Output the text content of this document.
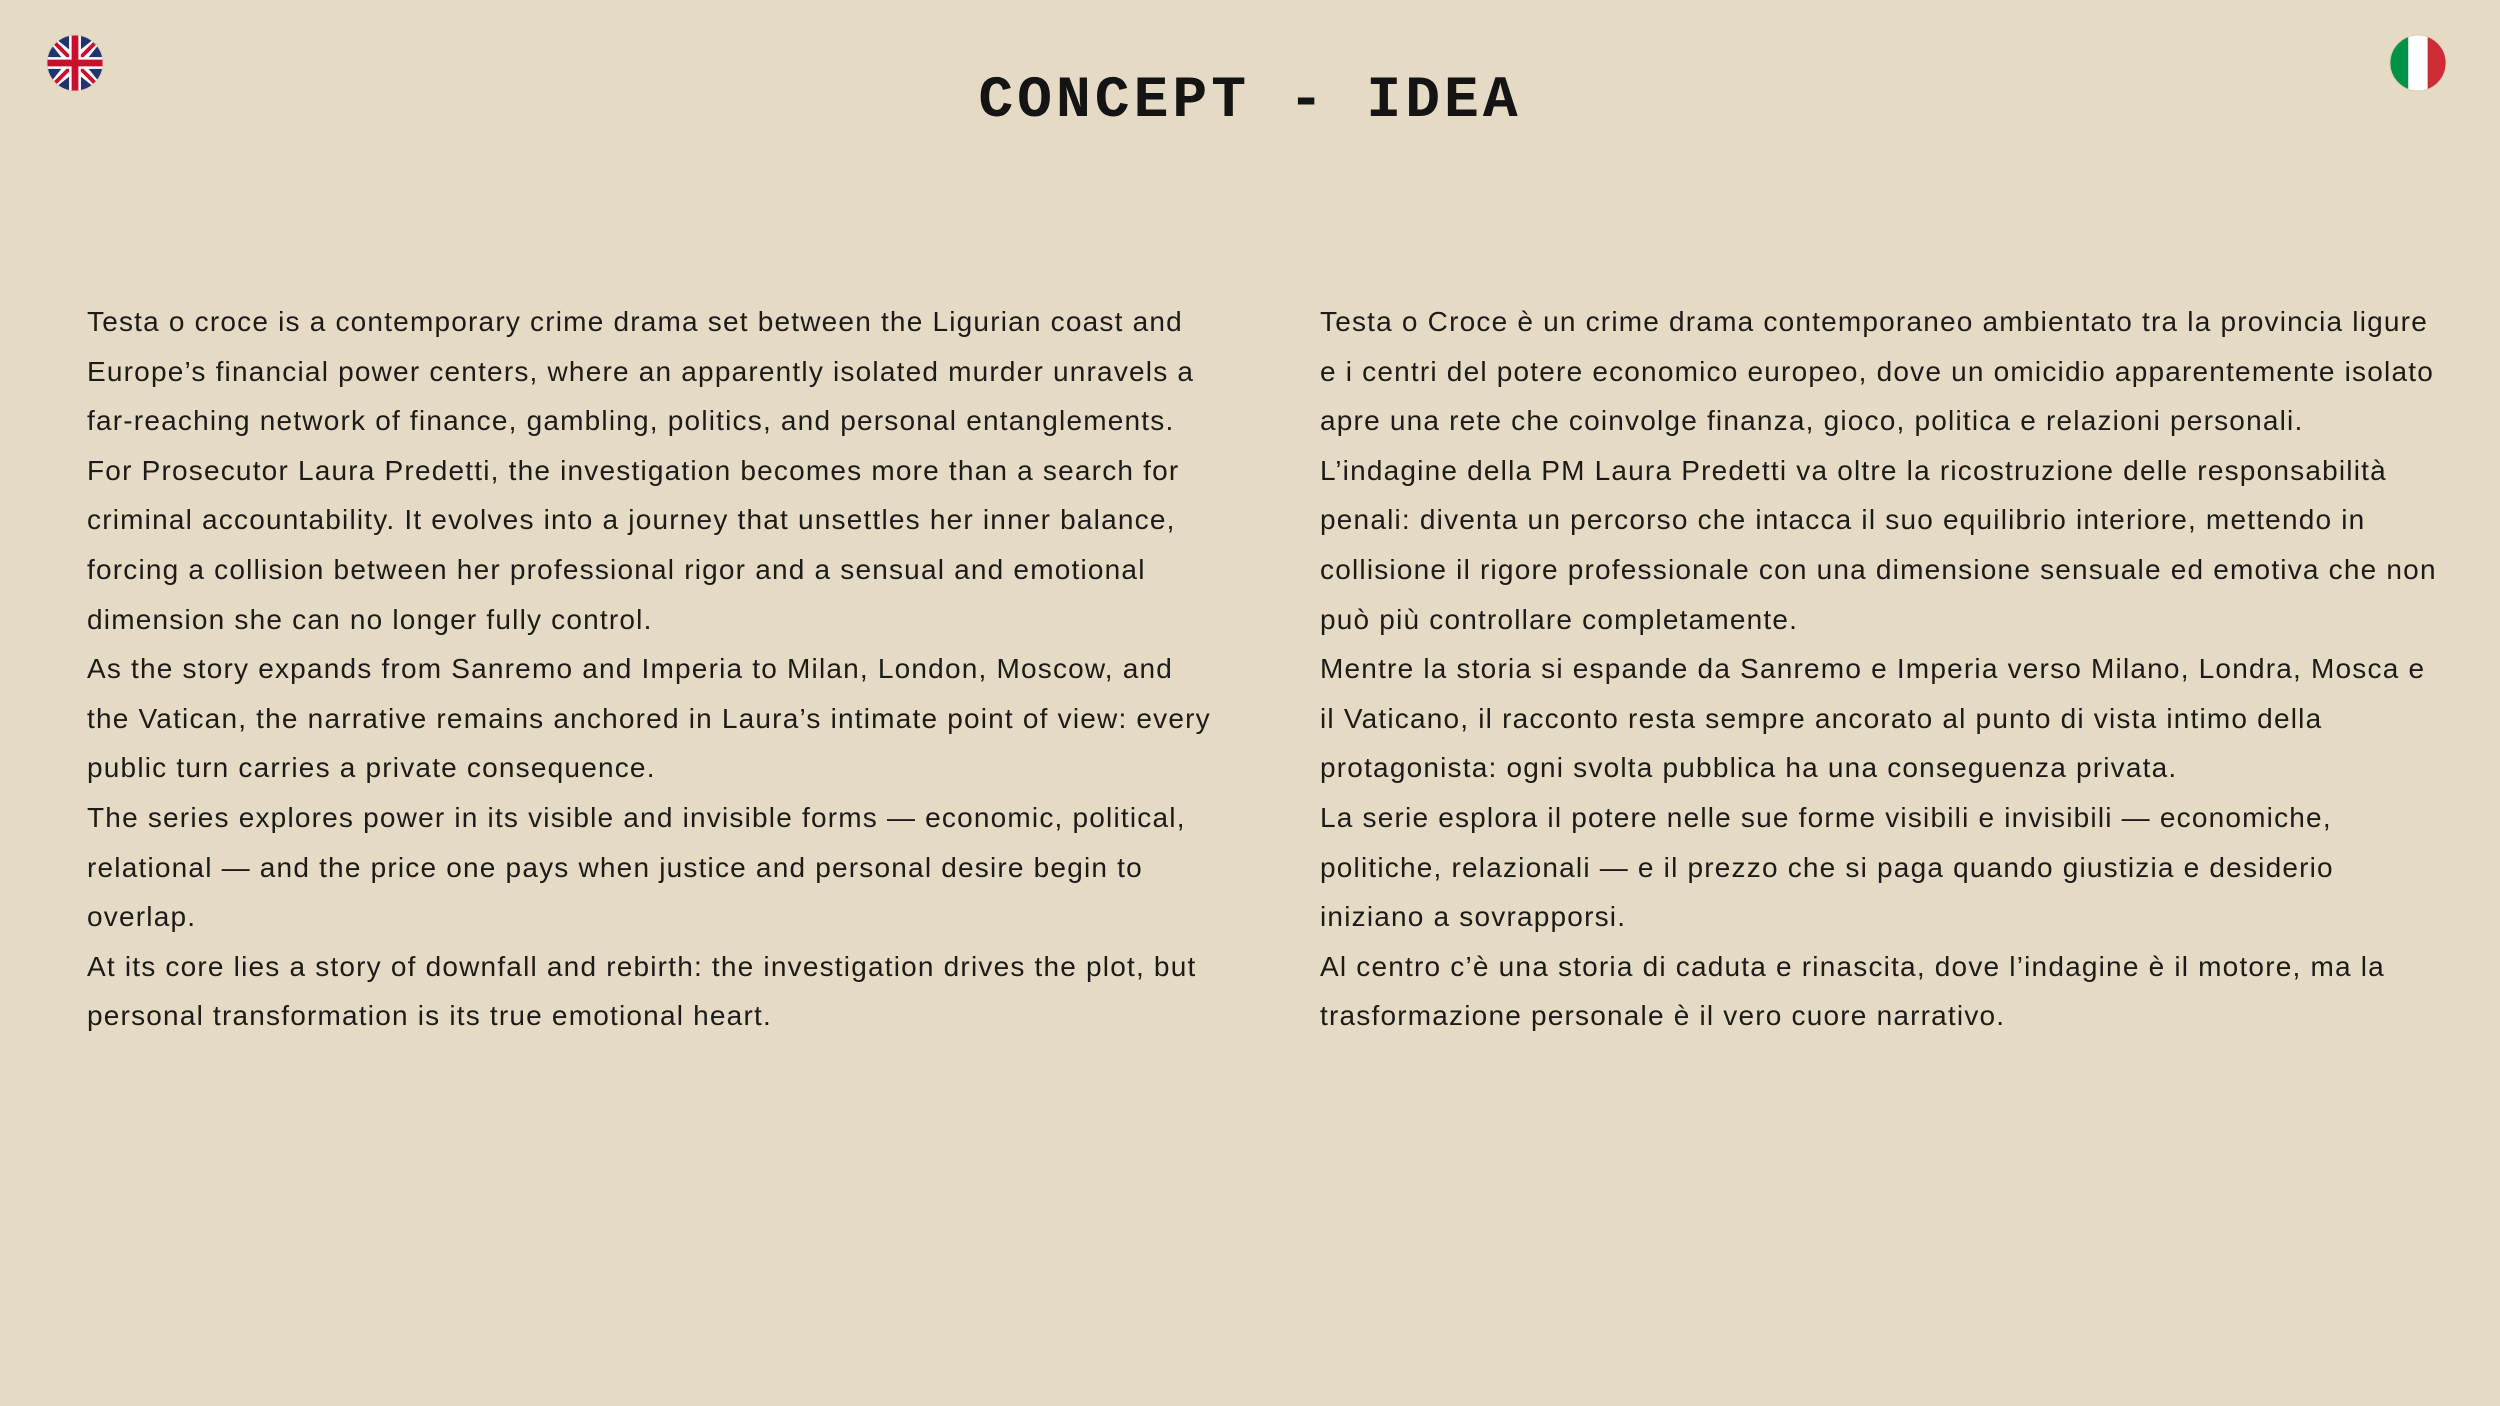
CONCEPT - IDEA

Testa o croce is a contemporary crime drama set between the Ligurian coast and Europe’s financial power centers, where an apparently isolated murder unravels a far-reaching network of finance, gambling, politics, and personal entanglements.

For Prosecutor Laura Predetti, the investigation becomes more than a search for criminal accountability. It evolves into a journey that unsettles her inner balance, forcing a collision between her professional rigor and a sensual and emotional dimension she can no longer fully control.

As the story expands from Sanremo and Imperia to Milan, London, Moscow, and the Vatican, the narrative remains anchored in Laura’s intimate point of view: every public turn carries a private consequence.

The series explores power in its visible and invisible forms — economic, political, relational — and the price one pays when justice and personal desire begin to overlap.

At its core lies a story of downfall and rebirth: the investigation drives the plot, but personal transformation is its true emotional heart.

Testa o Croce è un crime drama contemporaneo ambientato tra la provincia ligure e i centri del potere economico europeo, dove un omicidio apparentemente isolato apre una rete che coinvolge finanza, gioco, politica e relazioni personali.

L’indagine della PM Laura Predetti va oltre la ricostruzione delle responsabilità penali: diventa un percorso che intacca il suo equilibrio interiore, mettendo in collisione il rigore professionale con una dimensione sensuale ed emotiva che non può più controllare completamente.

Mentre la storia si espande da Sanremo e Imperia verso Milano, Londra, Mosca e il Vaticano, il racconto resta sempre ancorato al punto di vista intimo della protagonista: ogni svolta pubblica ha una conseguenza privata.

La serie esplora il potere nelle sue forme visibili e invisibili — economiche, politiche, relazionali — e il prezzo che si paga quando giustizia e desiderio iniziano a sovrapporsi.

Al centro c’è una storia di caduta e rinascita, dove l’indagine è il motore, ma la trasformazione personale è il vero cuore narrativo.
